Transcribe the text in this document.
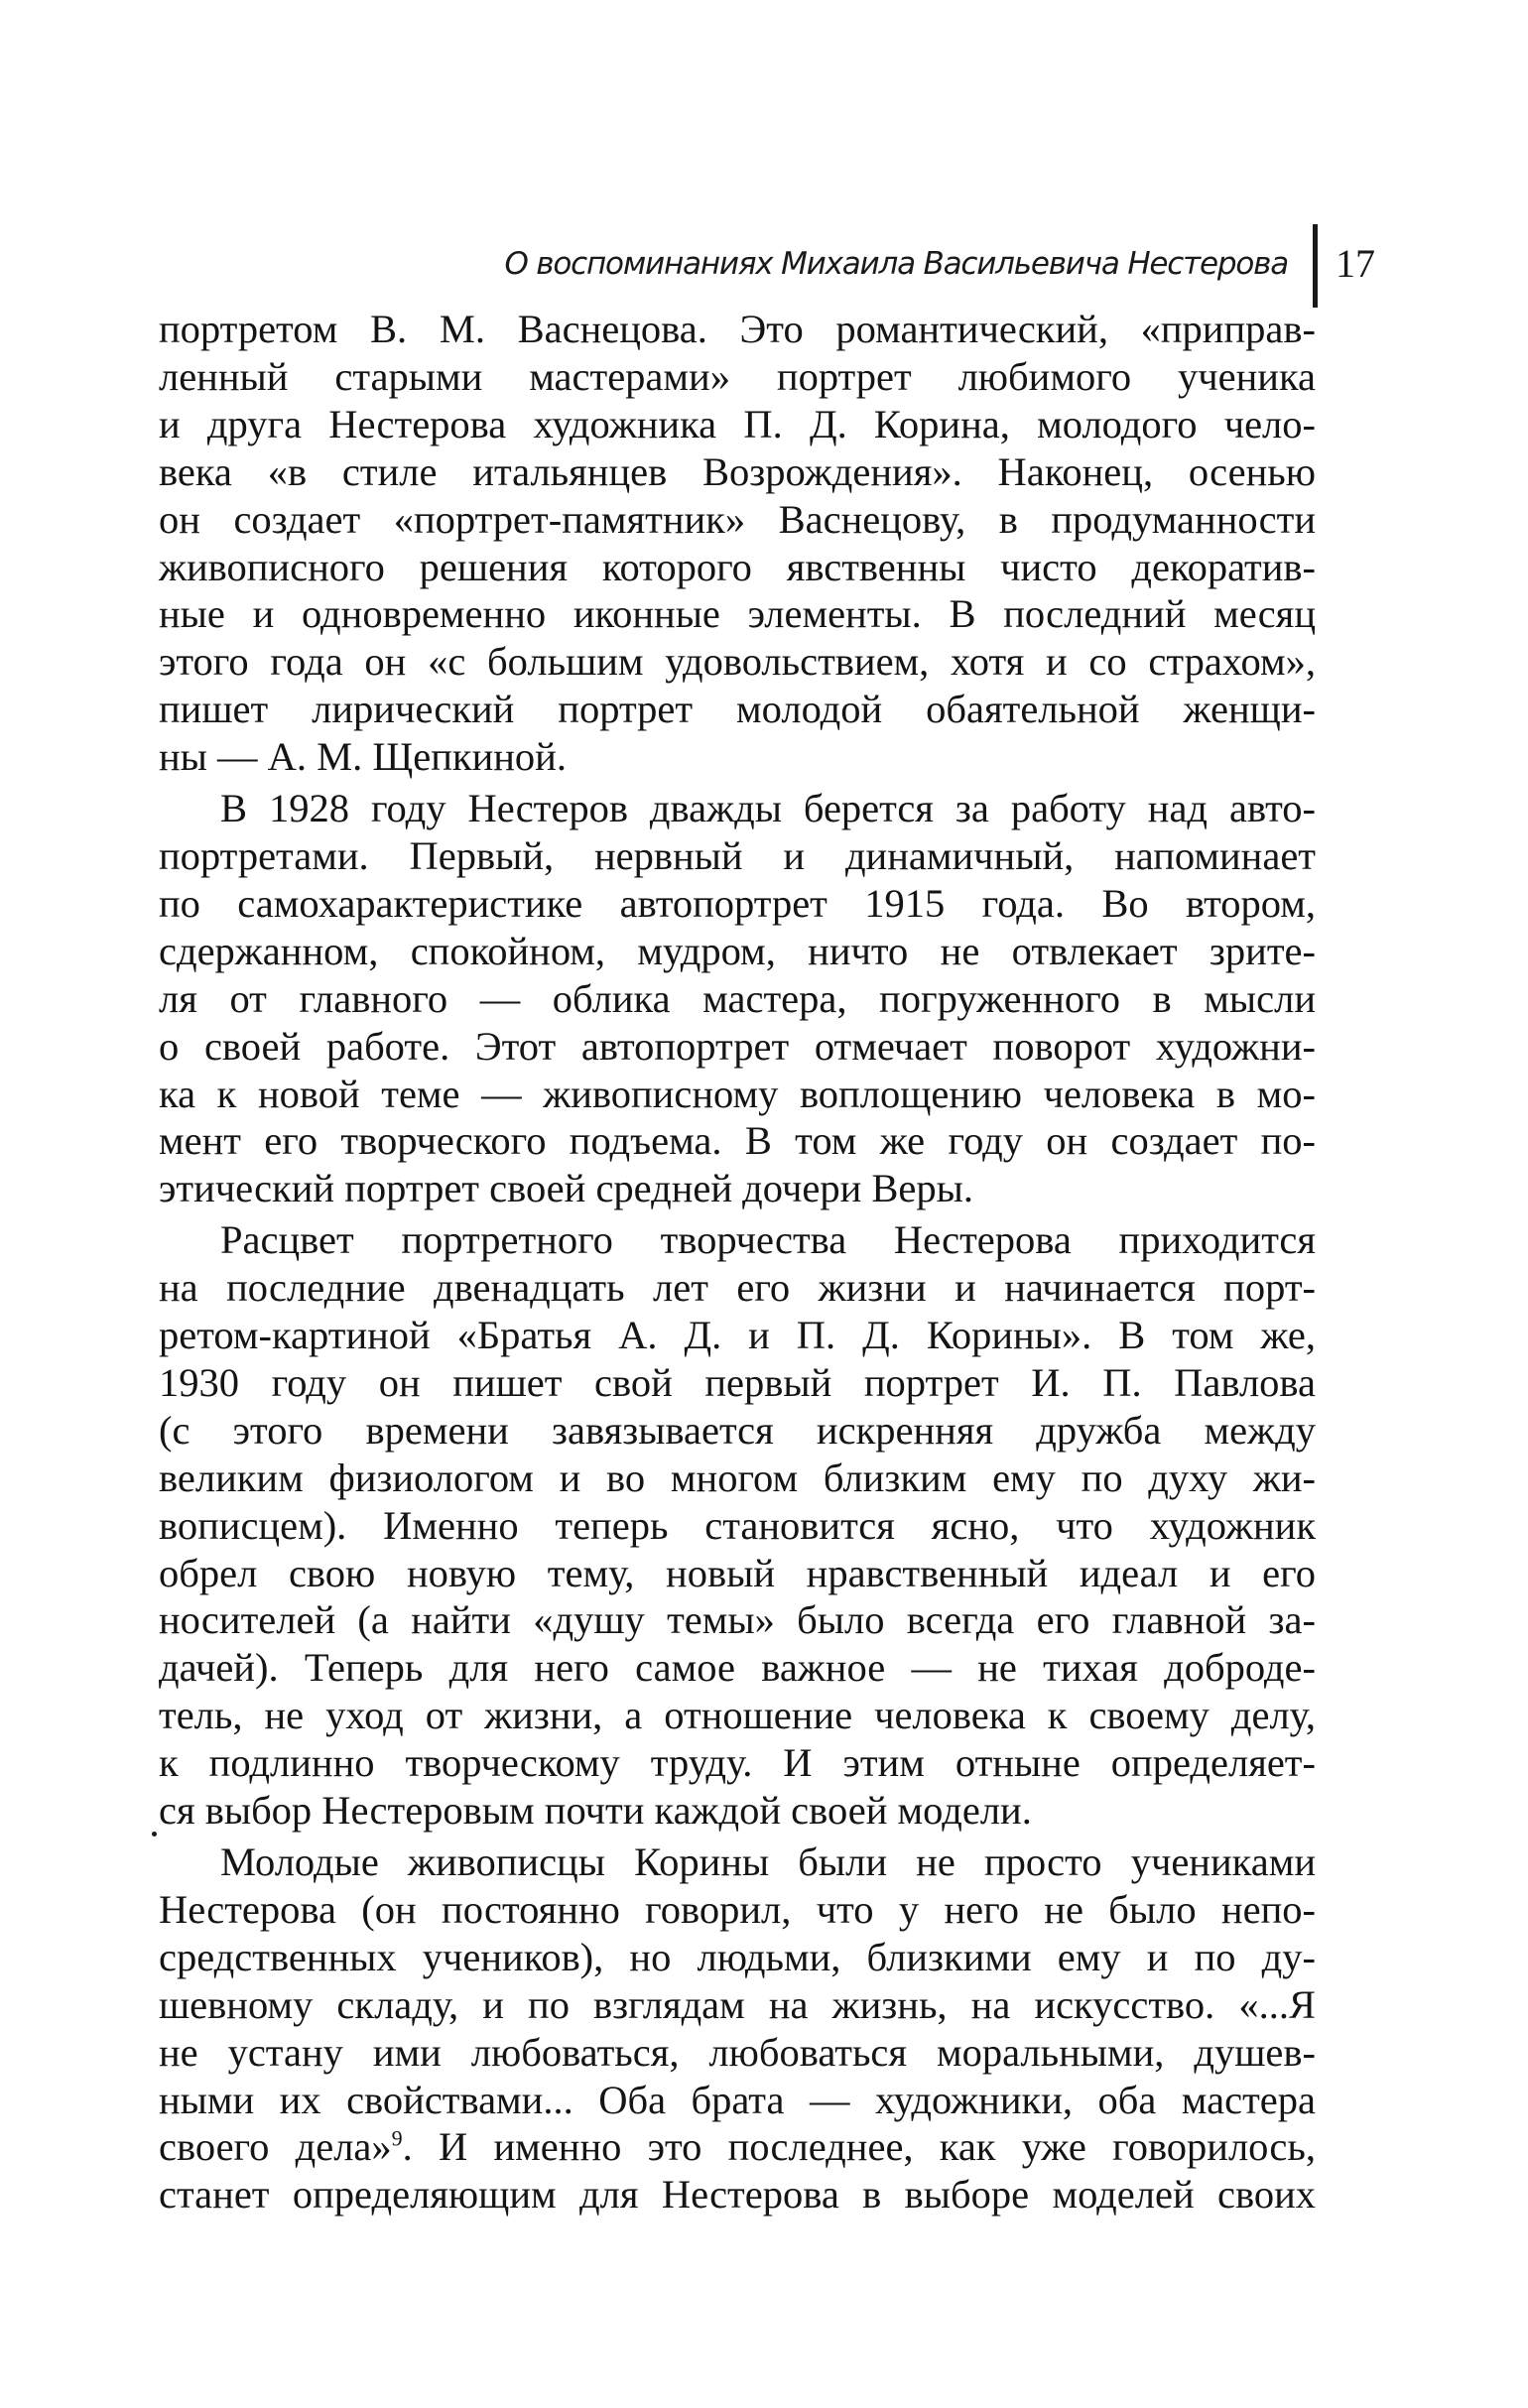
О воспоминаниях Михаила Васильевича Нестерова	17

портретом В. М. Васнецова. Это романтический, «приправ-
ленный старыми мастерами» портрет любимого ученика
и друга Нестерова художника П. Д. Корина, молодого чело-
века «в стиле итальянцев Возрождения». Наконец, осенью
он создает «портрет-памятник» Васнецову, в продуманности
живописного решения которого явственны чисто декоратив-
ные и одновременно иконные элементы. В последний месяц
этого года он «с большим удовольствием, хотя и со страхом»,
пишет лирический портрет молодой обаятельной женщи-
ны — А. М. Щепкиной.

В 1928 году Нестеров дважды берется за работу над авто-
портретами. Первый, нервный и динамичный, напоминает
по самохарактеристике автопортрет 1915 года. Во втором,
сдержанном, спокойном, мудром, ничто не отвлекает зрите-
ля от главного — облика мастера, погруженного в мысли
о своей работе. Этот автопортрет отмечает поворот художни-
ка к новой теме — живописному воплощению человека в мо-
мент его творческого подъема. В том же году он создает по-
этический портрет своей средней дочери Веры.

Расцвет портретного творчества Нестерова приходится
на последние двенадцать лет его жизни и начинается порт-
ретом-картиной «Братья А. Д. и П. Д. Корины». В том же,
1930 году он пишет свой первый портрет И. П. Павлова
(с этого времени завязывается искренняя дружба между
великим физиологом и во многом близким ему по духу жи-
вописцем). Именно теперь становится ясно, что художник
обрел свою новую тему, новый нравственный идеал и его
носителей (а найти «душу темы» было всегда его главной за-
дачей). Теперь для него самое важное — не тихая доброде-
тель, не уход от жизни, а отношение человека к своему делу,
к подлинно творческому труду. И этим отныне определяет-
ся выбор Нестеровым почти каждой своей модели.

Молодые живописцы Корины были не просто учениками
Нестерова (он постоянно говорил, что у него не было непо-
средственных учеников), но людьми, близкими ему и по ду-
шевному складу, и по взглядам на жизнь, на искусство. «...Я
не устану ими любоваться, любоваться моральными, душев-
ными их свойствами... Оба брата — художники, оба мастера
своего дела»$^9$. И именно это последнее, как уже говорилось,
станет определяющим для Нестерова в выборе моделей своих
